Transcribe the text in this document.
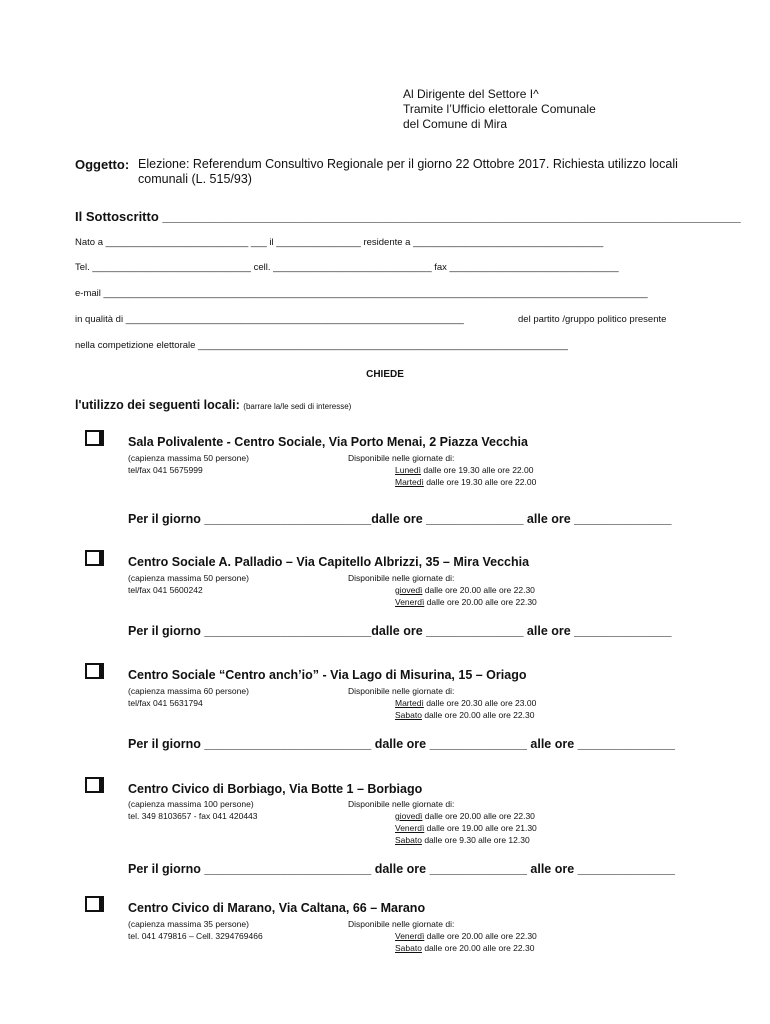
Al Dirigente del Settore I^
Tramite l’Ufficio elettorale Comunale
del Comune di Mira
Oggetto: Elezione: Referendum Consultivo Regionale per il giorno 22 Ottobre 2017. Richiesta utilizzo locali comunali (L. 515/93)
Il Sottoscritto ________________________________________________________________________________
Nato a ___________________________ ___ il ________________ residente a ____________________________________
Tel. ______________________________ cell. ______________________________ fax ________________________________
e-mail _______________________________________________________________________________________________________
in qualità di ________________________________________________________________	del partito /gruppo politico presente
nella competizione elettorale ______________________________________________________________________
CHIEDE
l'utilizzo dei seguenti locali: (barrare la/le sedi di interesse)
Sala Polivalente - Centro Sociale, Via Porto Menai, 2 Piazza Vecchia
(capienza massima 50 persone)
tel/fax 041 5675999
Disponibile nelle giornate di:
Lunedì dalle ore 19.30 alle ore 22.00
Martedì dalle ore 19.30 alle ore 22.00
Per il giorno ________________________dalle ore ______________ alle ore ______________
Centro Sociale A. Palladio – Via Capitello Albrizzi, 35 – Mira Vecchia
(capienza massima 50 persone)
tel/fax 041 5600242
Disponibile nelle giornate di:
giovedì dalle ore 20.00 alle ore 22.30
Venerdì dalle ore 20.00 alle ore 22.30
Per il giorno ________________________dalle ore ______________ alle ore ______________
Centro Sociale “Centro anch’io” - Via Lago di Misurina, 15 – Oriago
(capienza massima 60 persone)
tel/fax 041 5631794
Disponibile nelle giornate di:
Martedì dalle ore 20.30 alle ore 23.00
Sabato dalle ore 20.00 alle ore 22.30
Per il giorno ________________________ dalle ore ______________ alle ore ______________
Centro Civico di Borbiago, Via Botte 1 – Borbiago
(capienza massima 100 persone)
tel. 349 8103657 - fax 041 420443
Disponibile nelle giornate di:
giovedì dalle ore 20.00 alle ore 22.30
Venerdì dalle ore 19.00 alle ore 21.30
Sabato dalle ore 9.30 alle ore 12.30
Per il giorno ________________________ dalle ore ______________ alle ore ______________
Centro Civico di Marano, Via Caltana, 66 – Marano
(capienza massima 35 persone)
tel. 041 479816 – Cell. 3294769466
Disponibile nelle giornate di:
Venerdì dalle ore 20.00 alle ore 22.30
Sabato dalle ore 20.00 alle ore 22.30
